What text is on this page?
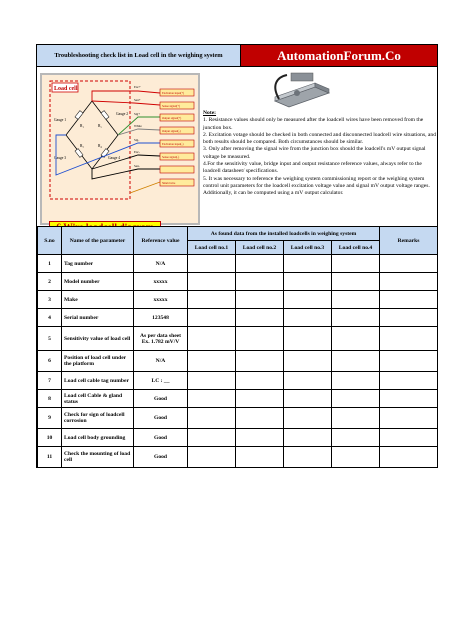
Troubleshooting check list in Load cell in the weighing system	AutomationForum.Co
Load cell
Gauge 1
Gauge 2
Gauge 3	Gauge 4
R₁	R₂
R₃	R₄
Exc+
Sen+
Sig+
White
Sig-
Exc-
Sen-
Excitation input(+)
Sense signal(+)
Output signal(+)
Output signal(-)
Excitation input(-)
Sense signal(-)
Shield wire
Note:
1. Resistance values should only be measured after the loadcell wires have been removed from the junction box.
2. Excitation votage should be checked in both connected and disconnected loadcell wire situations, and both results should be compared. Both circumstances should be similar.
3. Only after removing the signal wire from the junction box should the loadcell's mV output signal voltage be measured.
4.For the sensitivity value, bridge input and output resistance reference values, always refer to the loadcell datasheet/ specifications.
5. It was necessary to reference the weighing system commissioning report or the weighing system control unit parameters for the loadcell excitation voltage value and signal mV output voltage ranges. Additionally, it can be computed using a mV output calculator.
S.no	Name of the parameter	Reference value	As found data from the installed loadcells in weighing system				Remarks
			Load cell no.1	Load cell no.2	Load cell no.3	Load cell no.4	
1	Tag number	N/A					
2	Model number	xxxxx					
3	Make	xxxxx					
4	Serial number	123548					
5	Sensitivity value of load cell	As per data sheet Ex. 1.782 mV/V					
6	Position of load cell under the platform	N/A					
7	Load cell cable tag number	LC : __					
8	Load cell Cable & gland status	Good					
9	Check for sign of loadcell corrosion	Good					
10	Load cell body grounding	Good					
11	Check the mounting of load cell	Good					
